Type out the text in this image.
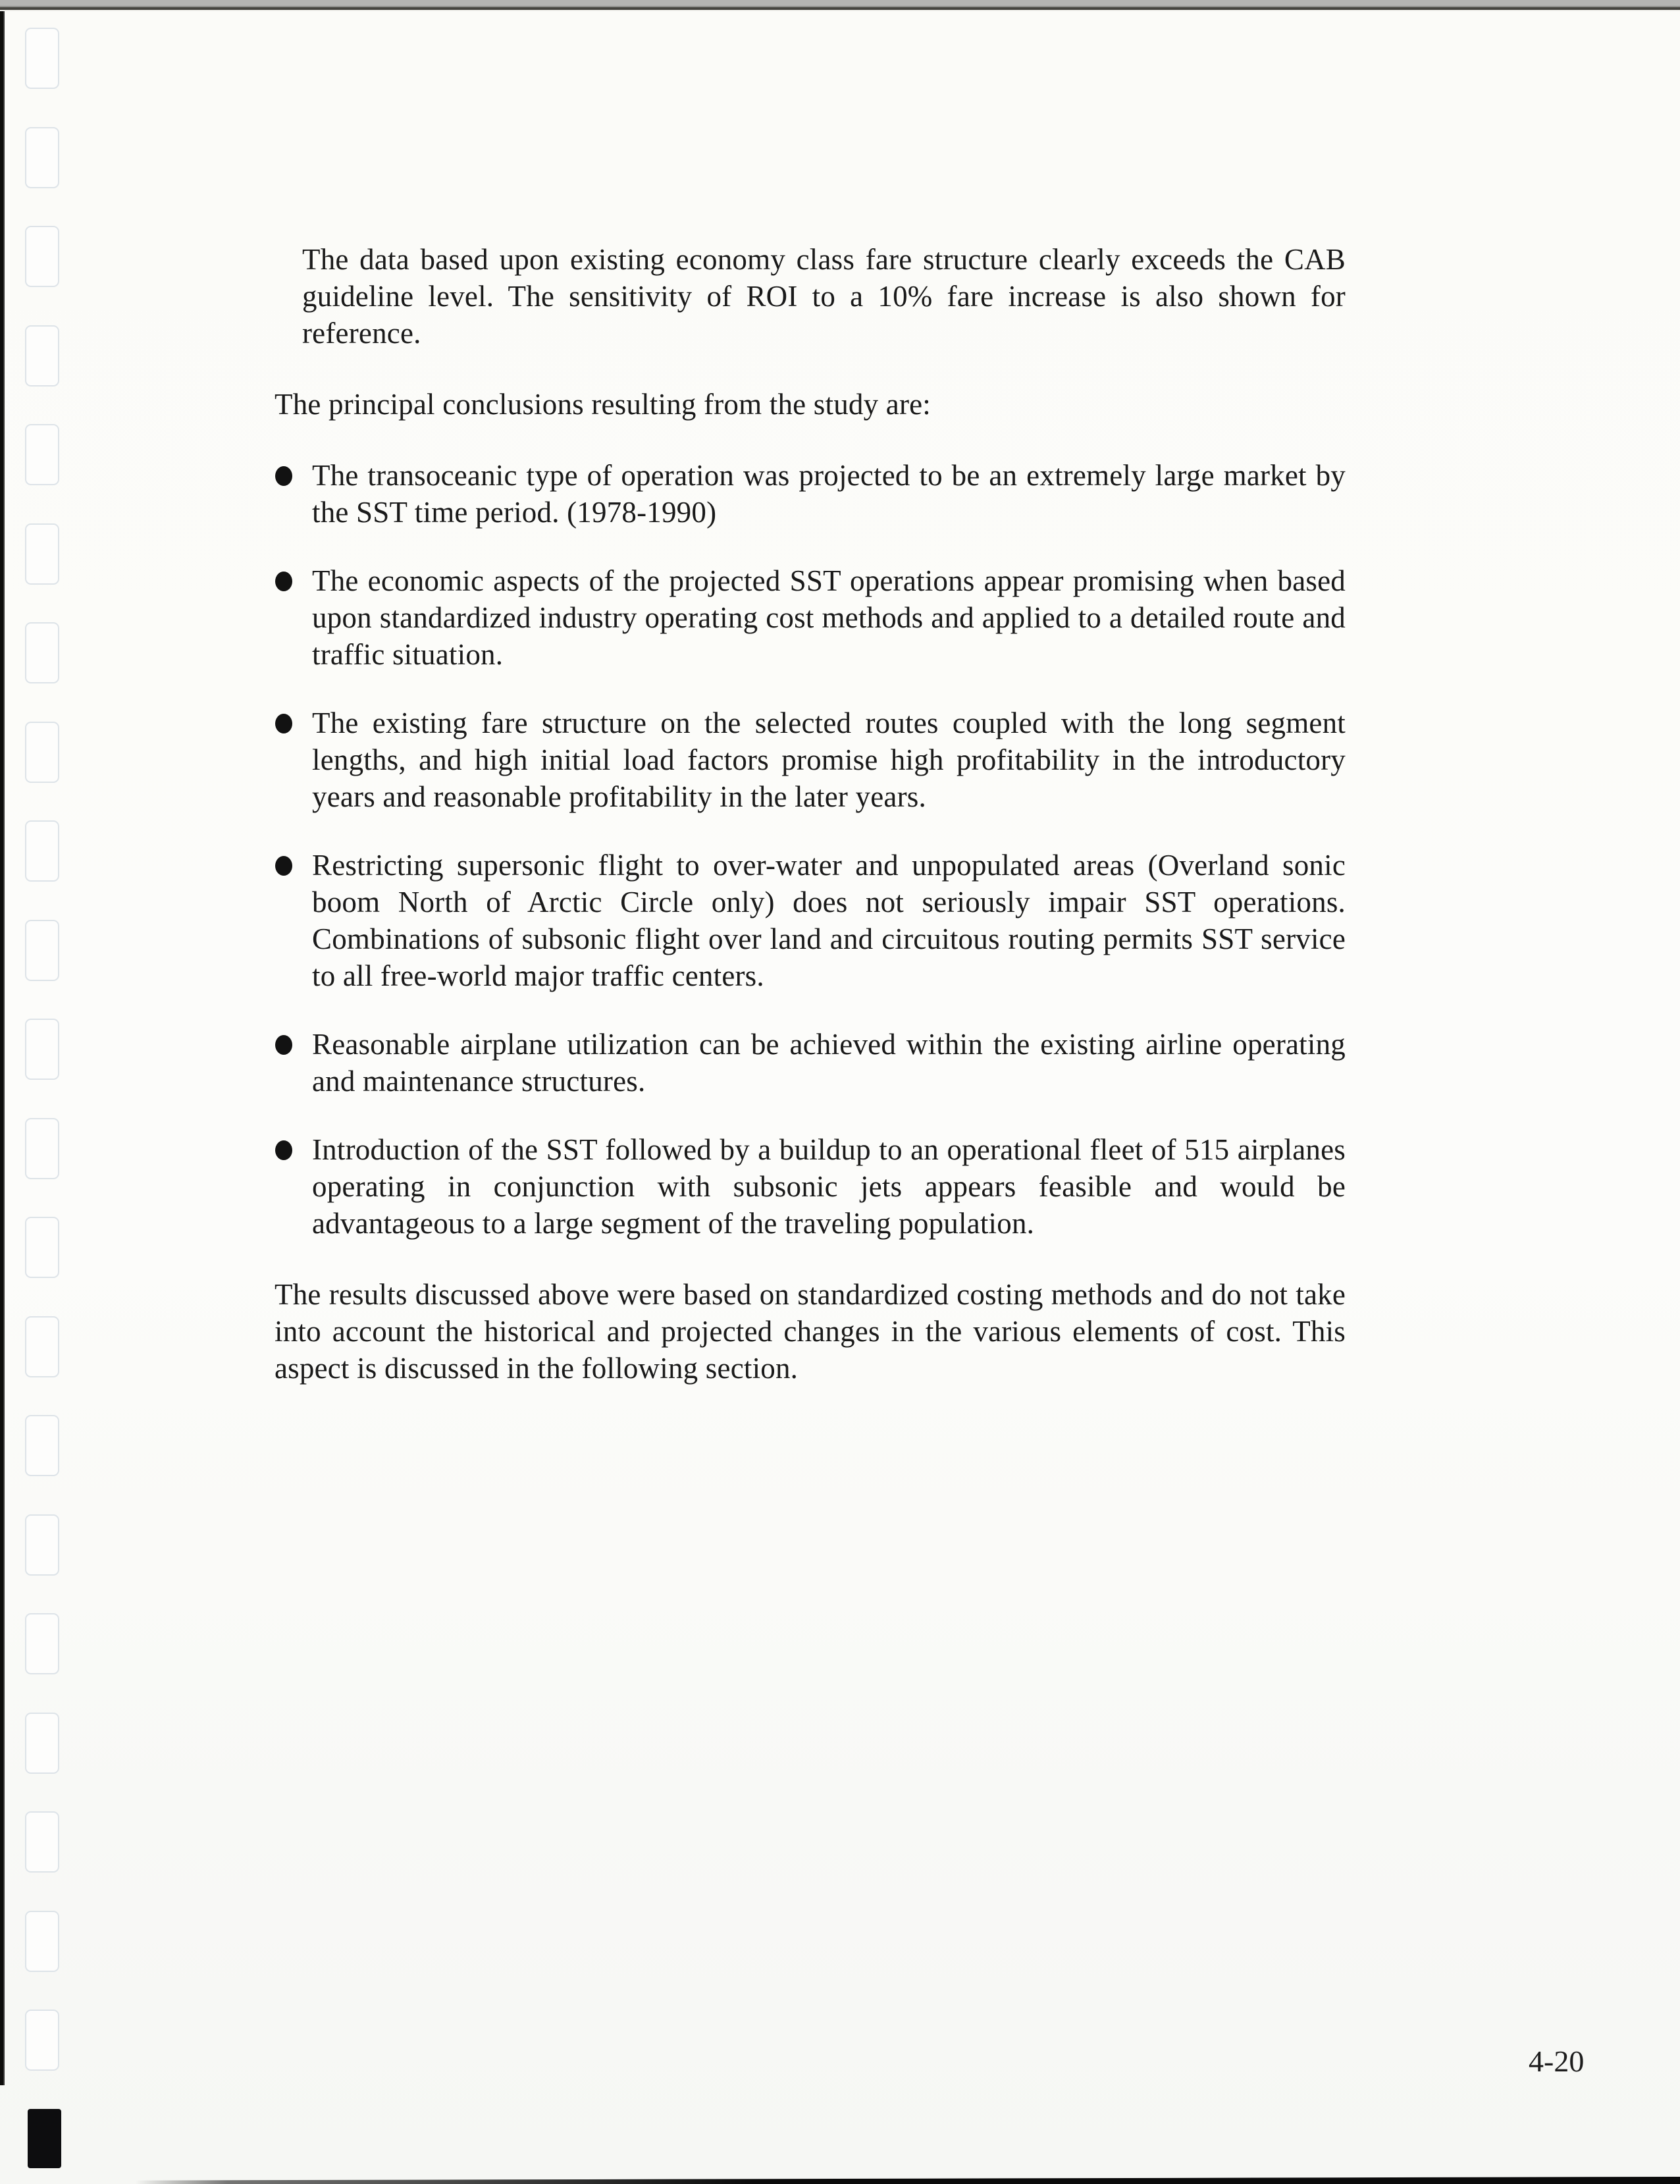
The data based upon existing economy class fare structure clearly exceeds the CAB guideline level. The sensitivity of ROI to a 10% fare increase is also shown for reference.

The principal conclusions resulting from the study are:

The transoceanic type of operation was projected to be an extremely large market by the SST time period. (1978-1990)
The economic aspects of the projected SST operations appear promising when based upon standardized industry operating cost methods and applied to a detailed route and traffic situation.
The existing fare structure on the selected routes coupled with the long segment lengths, and high initial load factors promise high profitability in the introductory years and reasonable profitability in the later years.
Restricting supersonic flight to over-water and unpopulated areas (Overland sonic boom North of Arctic Circle only) does not seriously impair SST operations. Combinations of subsonic flight over land and circuitous routing permits SST service to all free-world major traffic centers.
Reasonable airplane utilization can be achieved within the existing airline operating and maintenance structures.
Introduction of the SST followed by a buildup to an operational fleet of 515 airplanes operating in conjunction with subsonic jets appears feasible and would be advantageous to a large segment of the traveling population.

The results discussed above were based on standardized costing methods and do not take into account the historical and projected changes in the various elements of cost. This aspect is discussed in the following section.

4-20
